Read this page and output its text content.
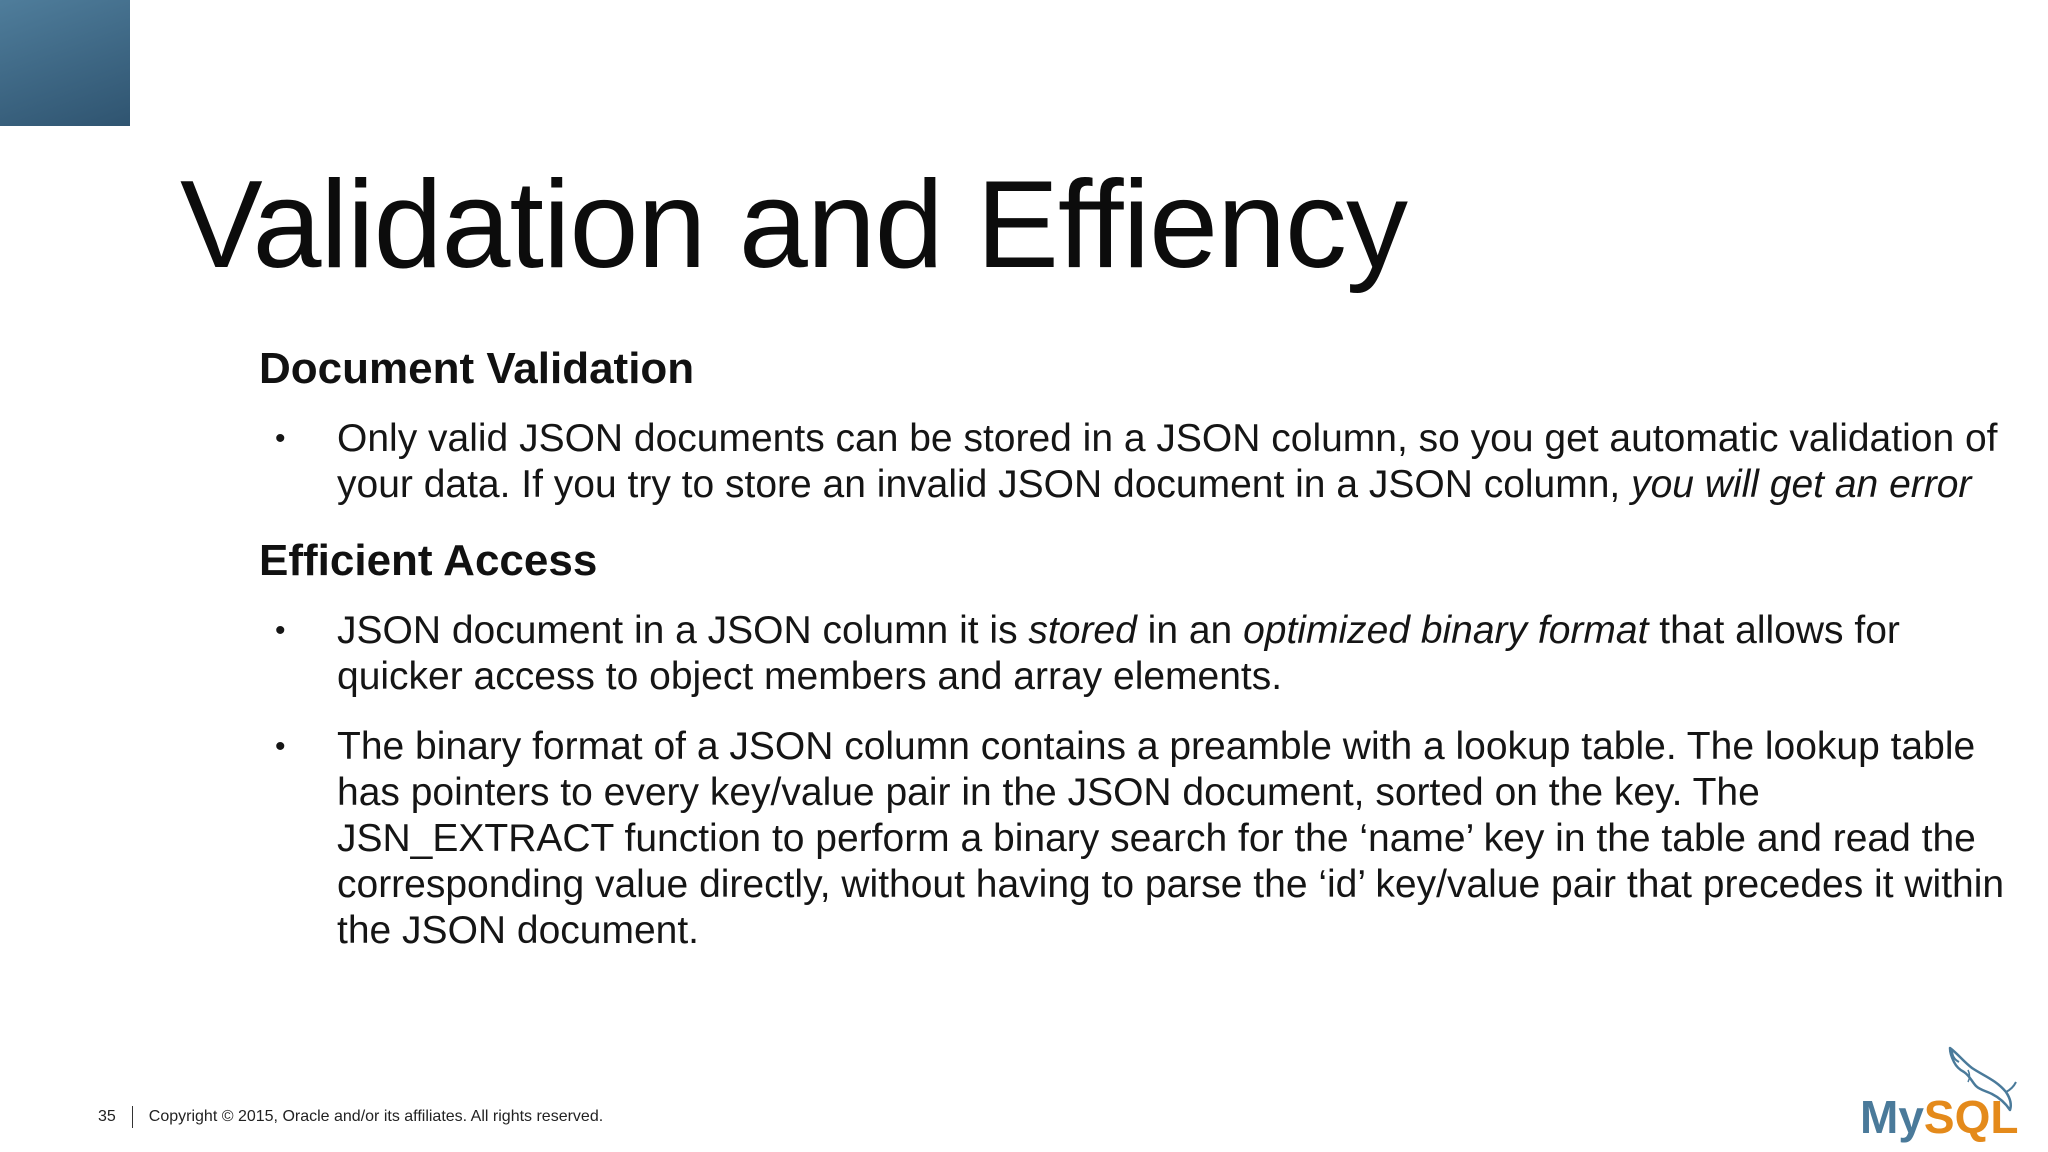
Validation and Effiency
Document Validation
• Only valid JSON documents can be stored in a JSON column, so you get automatic validation of your data. If you try to store an invalid JSON document in a JSON column, you will get an error
Efficient Access
• JSON document in a JSON column it is stored in an optimized binary format that allows for quicker access to object members and array elements.
• The binary format of a JSON column contains a preamble with a lookup table. The lookup table has pointers to every key/value pair in the JSON document, sorted on the key. The JSN_EXTRACT function to perform a binary search for the ‘name’ key in the table and read the corresponding value directly, without having to parse the ‘id’ key/value pair that precedes it within the JSON document.
35 Copyright © 2015, Oracle and/or its affiliates. All rights reserved.	MySQL
